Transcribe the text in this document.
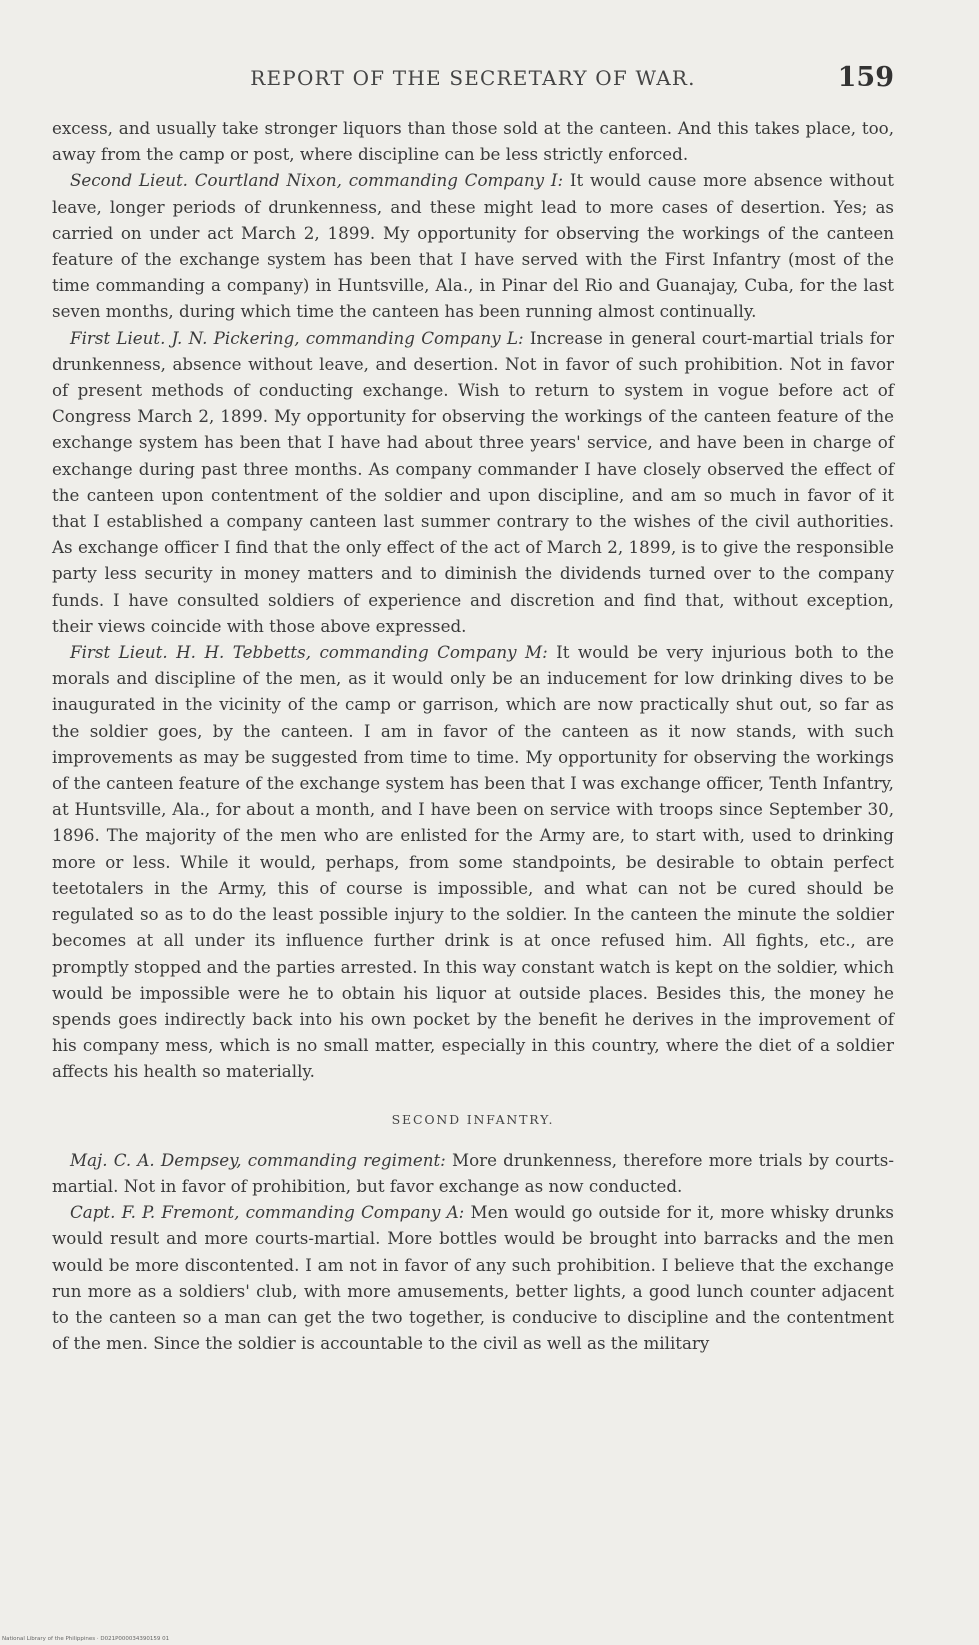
REPORT OF THE SECRETARY OF WAR.	159

excess, and usually take stronger liquors than those sold at the canteen. And this takes place, too, away from the camp or post, where discipline can be less strictly enforced.

Second Lieut. Courtland Nixon, commanding Company I: It would cause more absence without leave, longer periods of drunkenness, and these might lead to more cases of desertion. Yes; as carried on under act March 2, 1899. My opportunity for observing the workings of the canteen feature of the exchange system has been that I have served with the First Infantry (most of the time commanding a company) in Huntsville, Ala., in Pinar del Rio and Guanajay, Cuba, for the last seven months, during which time the canteen has been running almost continually.

First Lieut. J. N. Pickering, commanding Company L: Increase in general court-martial trials for drunkenness, absence without leave, and desertion. Not in favor of such prohibition. Not in favor of present methods of conducting exchange. Wish to return to system in vogue before act of Congress March 2, 1899. My opportunity for observing the workings of the canteen feature of the exchange system has been that I have had about three years' service, and have been in charge of exchange during past three months. As company commander I have closely observed the effect of the canteen upon contentment of the soldier and upon discipline, and am so much in favor of it that I established a company canteen last summer contrary to the wishes of the civil authorities. As exchange officer I find that the only effect of the act of March 2, 1899, is to give the responsible party less security in money matters and to diminish the dividends turned over to the company funds. I have consulted soldiers of experience and discretion and find that, without exception, their views coincide with those above expressed.

First Lieut. H. H. Tebbetts, commanding Company M: It would be very injurious both to the morals and discipline of the men, as it would only be an inducement for low drinking dives to be inaugurated in the vicinity of the camp or garrison, which are now practically shut out, so far as the soldier goes, by the canteen. I am in favor of the canteen as it now stands, with such improvements as may be suggested from time to time. My opportunity for observing the workings of the canteen feature of the exchange system has been that I was exchange officer, Tenth Infantry, at Huntsville, Ala., for about a month, and I have been on service with troops since September 30, 1896. The majority of the men who are enlisted for the Army are, to start with, used to drinking more or less. While it would, perhaps, from some standpoints, be desirable to obtain perfect teetotalers in the Army, this of course is impossible, and what can not be cured should be regulated so as to do the least possible injury to the soldier. In the canteen the minute the soldier becomes at all under its influence further drink is at once refused him. All fights, etc., are promptly stopped and the parties arrested. In this way constant watch is kept on the soldier, which would be impossible were he to obtain his liquor at outside places. Besides this, the money he spends goes indirectly back into his own pocket by the benefit he derives in the improvement of his company mess, which is no small matter, especially in this country, where the diet of a soldier affects his health so materially.

SECOND INFANTRY.

Maj. C. A. Dempsey, commanding regiment: More drunkenness, therefore more trials by courts-martial. Not in favor of prohibition, but favor exchange as now conducted.

Capt. F. P. Fremont, commanding Company A: Men would go outside for it, more whisky drunks would result and more courts-martial. More bottles would be brought into barracks and the men would be more discontented. I am not in favor of any such prohibition. I believe that the exchange run more as a soldiers' club, with more amusements, better lights, a good lunch counter adjacent to the canteen so a man can get the two together, is conducive to discipline and the contentment of the men. Since the soldier is accountable to the civil as well as the military

National Library of the Philippines · D021P000034390159 01
